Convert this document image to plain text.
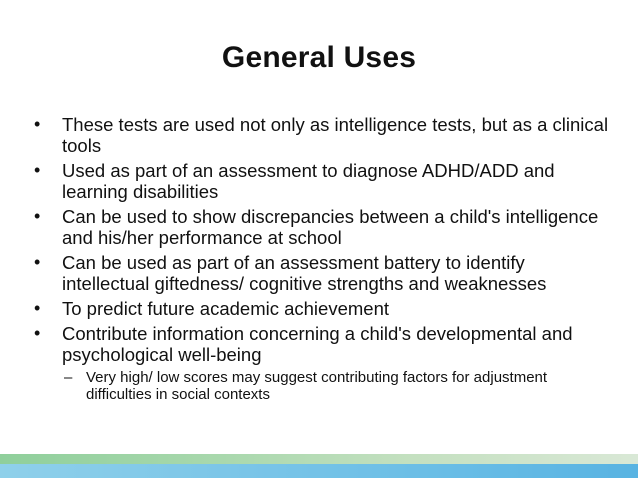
General Uses
•	These tests are used not only as intelligence tests, but as a clinical tools
•	Used as part of an assessment to diagnose ADHD/ADD and learning disabilities
•	Can be used to show discrepancies between a child's intelligence and his/her performance at school
•	Can be used as part of an assessment battery to identify intellectual giftedness/ cognitive strengths and weaknesses
•	To predict future academic achievement
•	Contribute information concerning a child's developmental and psychological well-being
– Very high/ low scores may suggest contributing factors for adjustment difficulties in social contexts
